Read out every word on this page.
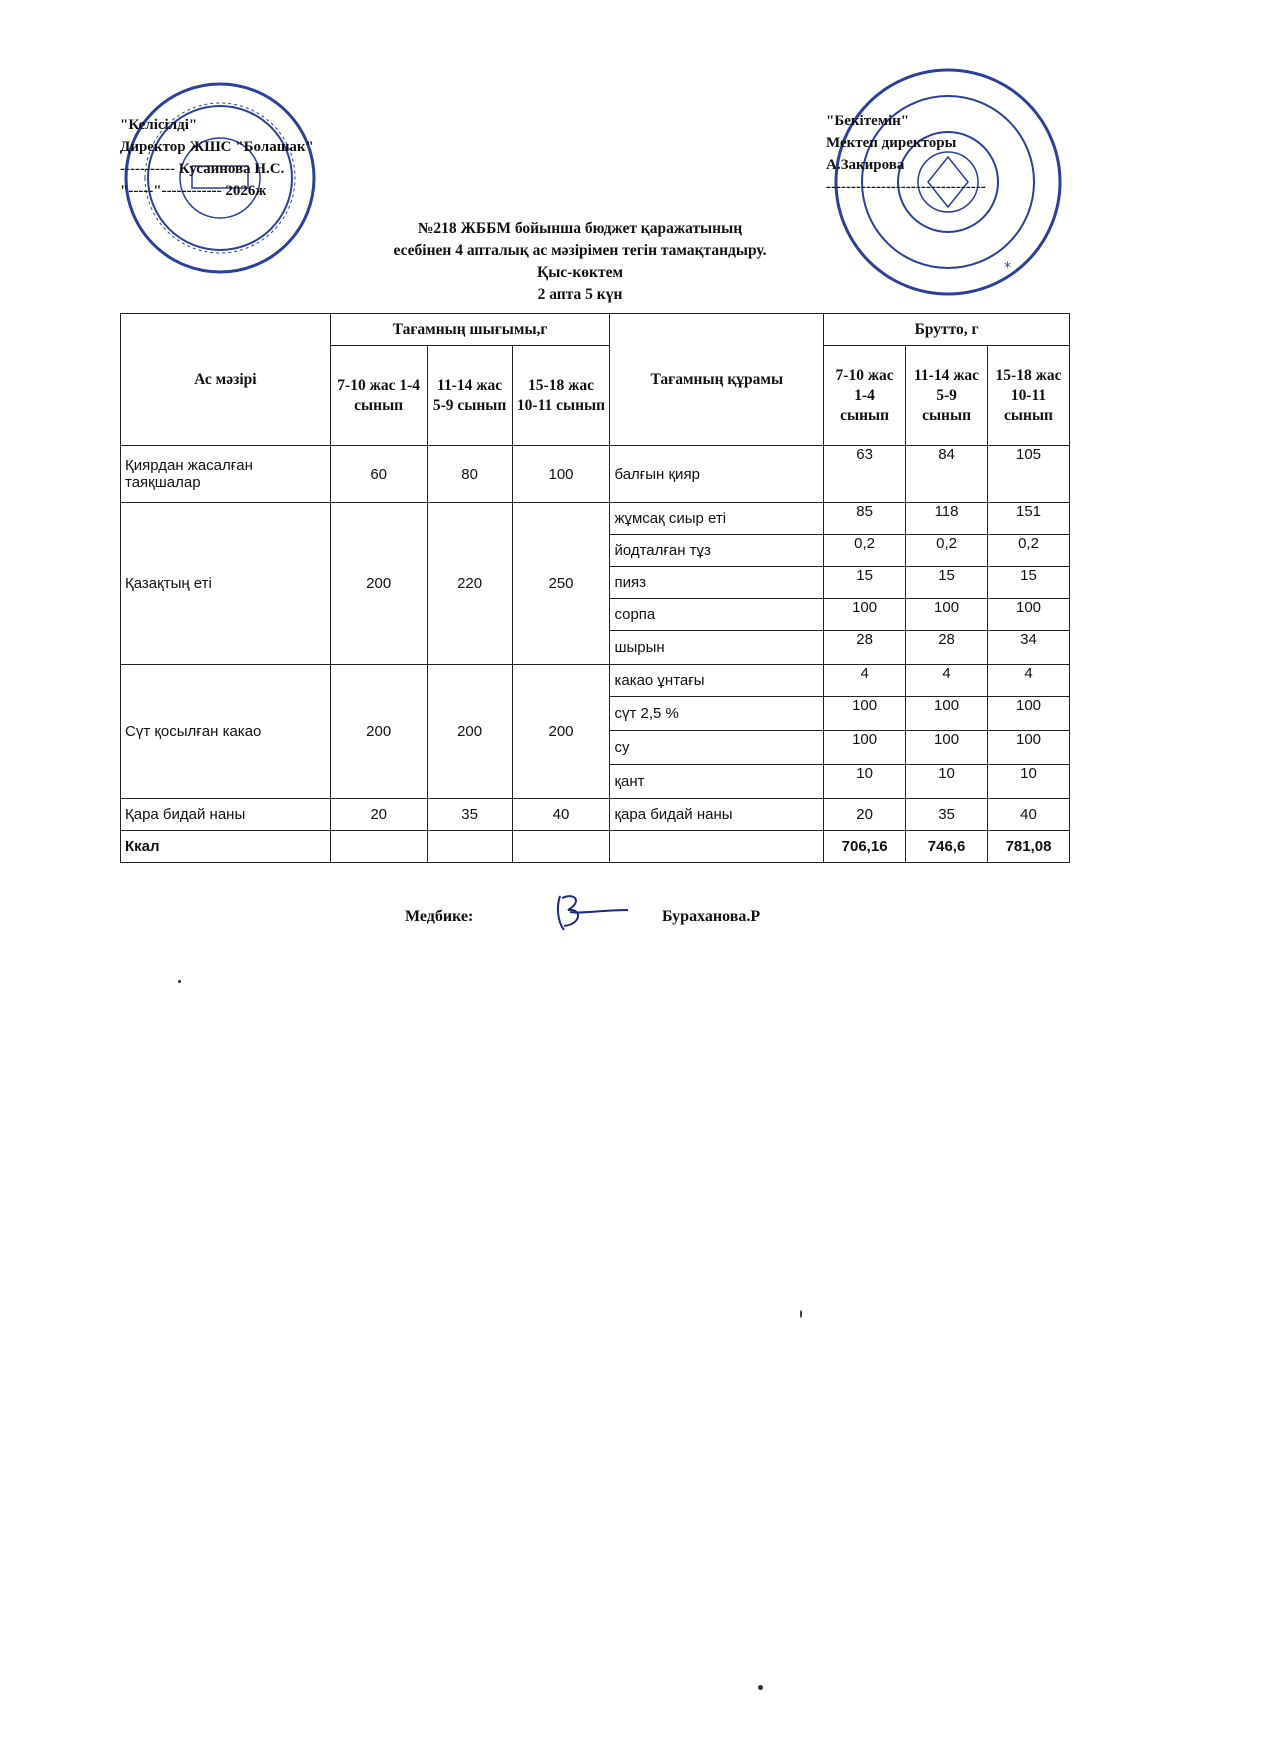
*
"Келісілді"
Директор ЖШС "Болашак"
----------- Кусаинова Н.С.
"-----"------------ 2026ж
"Бекітемін"
Мектеп директоры
А.Закирова
--------------------------------
№218 ЖББМ бойынша бюджет қаражатының
есебінен 4 апталық ас мәзірімен тегін тамақтандыру.
Қыс-көктем
2 апта 5 күн
Ас мәзірі	Тағамның шығымы,г			Тағамның құрамы	Брутто, г		
	7-10 жас 1-4 сынып	11-14 жас 5-9 сынып	15-18 жас 10-11 сынып		7-10 жас 1-4 сынып	11-14 жас 5-9 сынып	15-18 жас 10-11 сынып
Қиярдан жасалған таяқшалар	60	80	100	балғын қияр	63	84	105
Қазақтың еті	200	220	250	жұмсақ сиыр еті	85	118	151
				йодталған тұз	0,2	0,2	0,2
				пияз	15	15	15
				сорпа	100	100	100
				шырын	28	28	34
Сүт қосылған какао	200	200	200	какао ұнтағы	4	4	4
				сүт 2,5 %	100	100	100
				су	100	100	100
				қант	10	10	10
Қара бидай наны	20	35	40	қара бидай наны	20	35	40
Ккал					706,16	746,6	781,08
Медбике:	Бураханова.Р
